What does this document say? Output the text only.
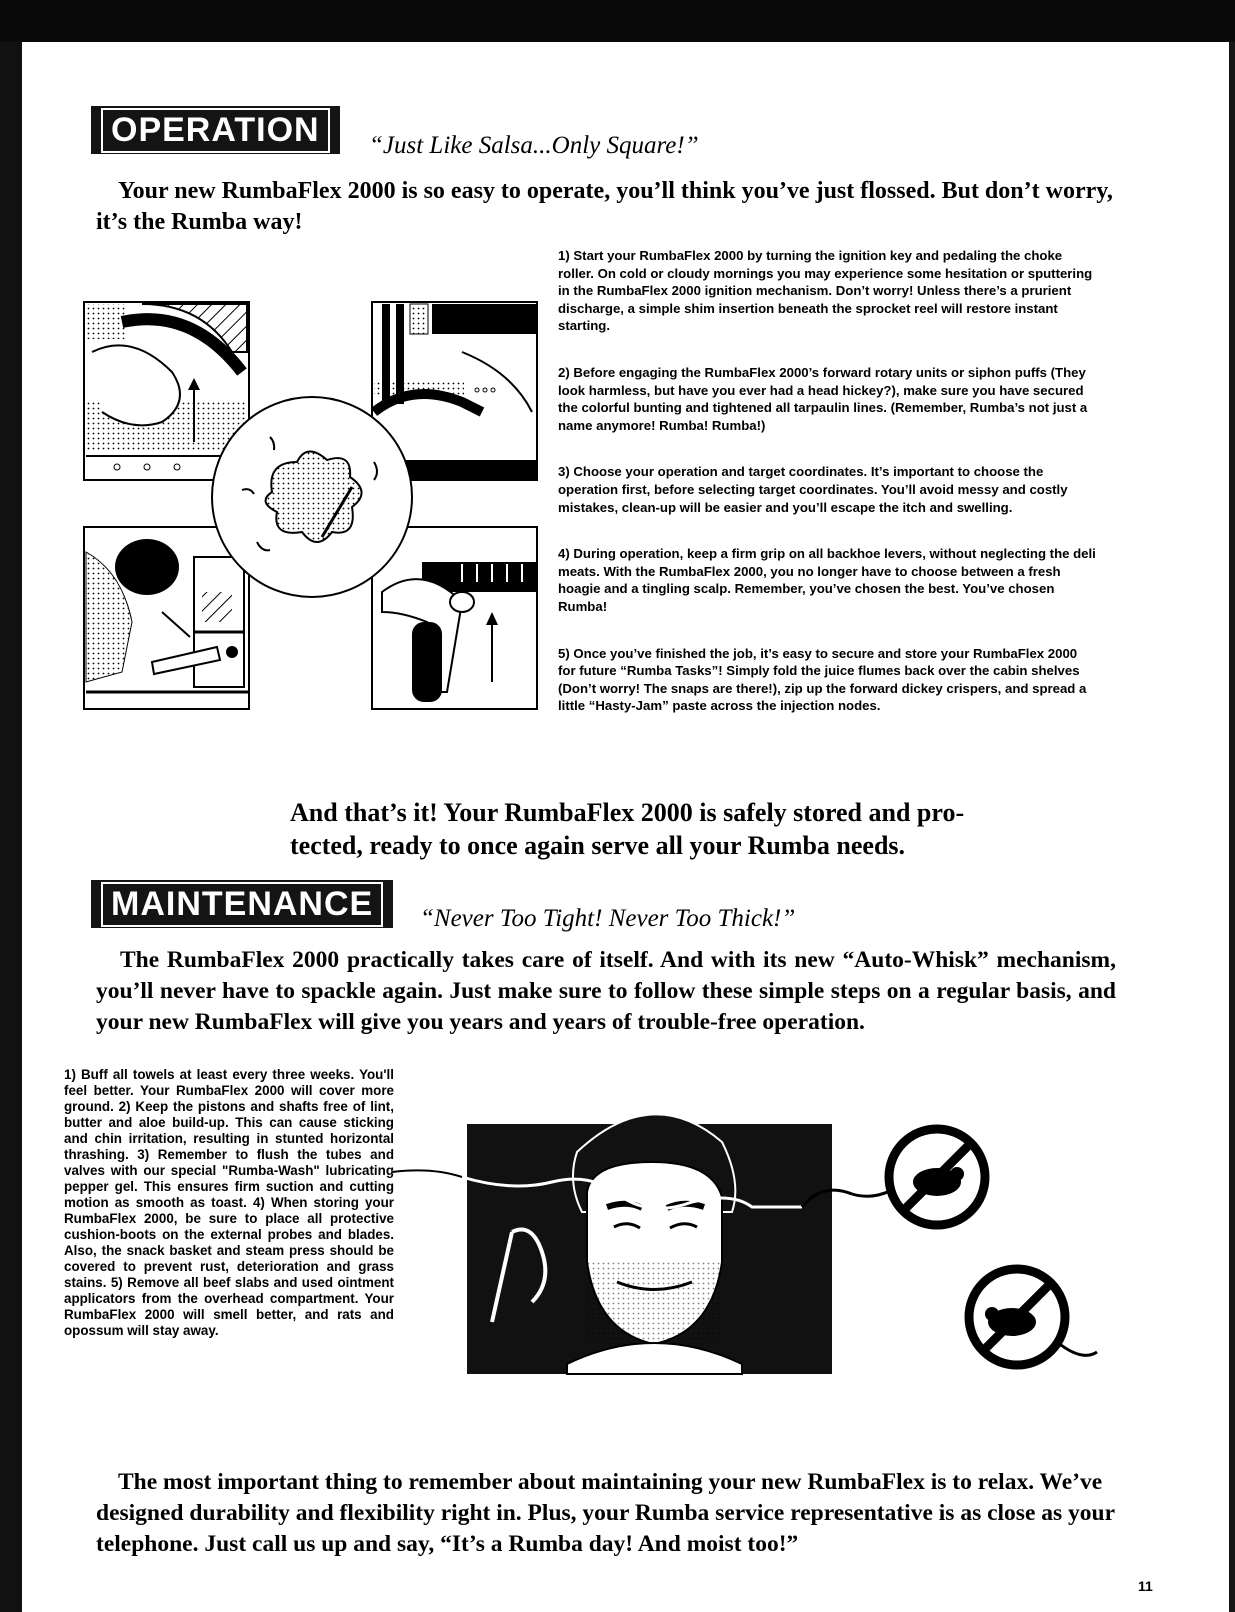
OPERATION	“Just Like Salsa...Only Square!”
Your new RumbaFlex 2000 is so easy to operate, you’ll think you’ve just flossed. But don’t worry, it’s the Rumba way!

1) Start your RumbaFlex 2000 by turning the ignition key and pedaling the choke roller. On cold or cloudy mornings you may experience some hesitation or sputtering in the RumbaFlex 2000 ignition mechanism. Don’t worry! Unless there’s a prurient discharge, a simple shim insertion beneath the sprocket reel will restore instant starting.

2) Before engaging the RumbaFlex 2000’s forward rotary units or siphon puffs (They look harmless, but have you ever had a head hickey?), make sure you have secured the colorful bunting and tightened all tarpaulin lines. (Remember, Rumba’s not just a name anymore! Rumba! Rumba!)

3) Choose your operation and target coordinates. It’s important to choose the operation first, before selecting target coordinates. You’ll avoid messy and costly mistakes, clean-up will be easier and you’ll escape the itch and swelling.

4) During operation, keep a firm grip on all backhoe levers, without neglecting the deli meats. With the RumbaFlex 2000, you no longer have to choose between a fresh hoagie and a tingling scalp. Remember, you’ve chosen the best. You’ve chosen Rumba!

5) Once you’ve finished the job, it’s easy to secure and store your RumbaFlex 2000 for future “Rumba Tasks”! Simply fold the juice flumes back over the cabin shelves (Don’t worry! The snaps are there!), zip up the forward dickey crispers, and spread a little “Hasty-Jam” paste across the injection nodes.

And that’s it! Your RumbaFlex 2000 is safely stored and pro-
tected, ready to once again serve all your Rumba needs.
MAINTENANCE	“Never Too Tight! Never Too Thick!”
The RumbaFlex 2000 practically takes care of itself. And with its new “Auto-Whisk” mechanism, you’ll never have to spackle again. Just make sure to follow these simple steps on a regular basis, and your new RumbaFlex will give you years and years of trouble-free operation.
1) Buff all towels at least every three weeks. You'll feel better. Your RumbaFlex 2000 will cover more ground. 2) Keep the pistons and shafts free of lint, butter and aloe build-up. This can cause sticking and chin irritation, resulting in stunted horizontal thrashing. 3) Remember to flush the tubes and valves with our special "Rumba-Wash" lubricating pepper gel. This ensures firm suction and cutting motion as smooth as toast. 4) When storing your RumbaFlex 2000, be sure to place all protective cushion-boots on the external probes and blades. Also, the snack basket and steam press should be covered to prevent rust, deterioration and grass stains. 5) Remove all beef slabs and used ointment applicators from the overhead compartment. Your RumbaFlex 2000 will smell better, and rats and opossum will stay away.
The most important thing to remember about maintaining your new RumbaFlex is to relax. We’ve designed durability and flexibility right in. Plus, your Rumba service representative is as close as your telephone. Just call us up and say, “It’s a Rumba day! And moist too!”
11
